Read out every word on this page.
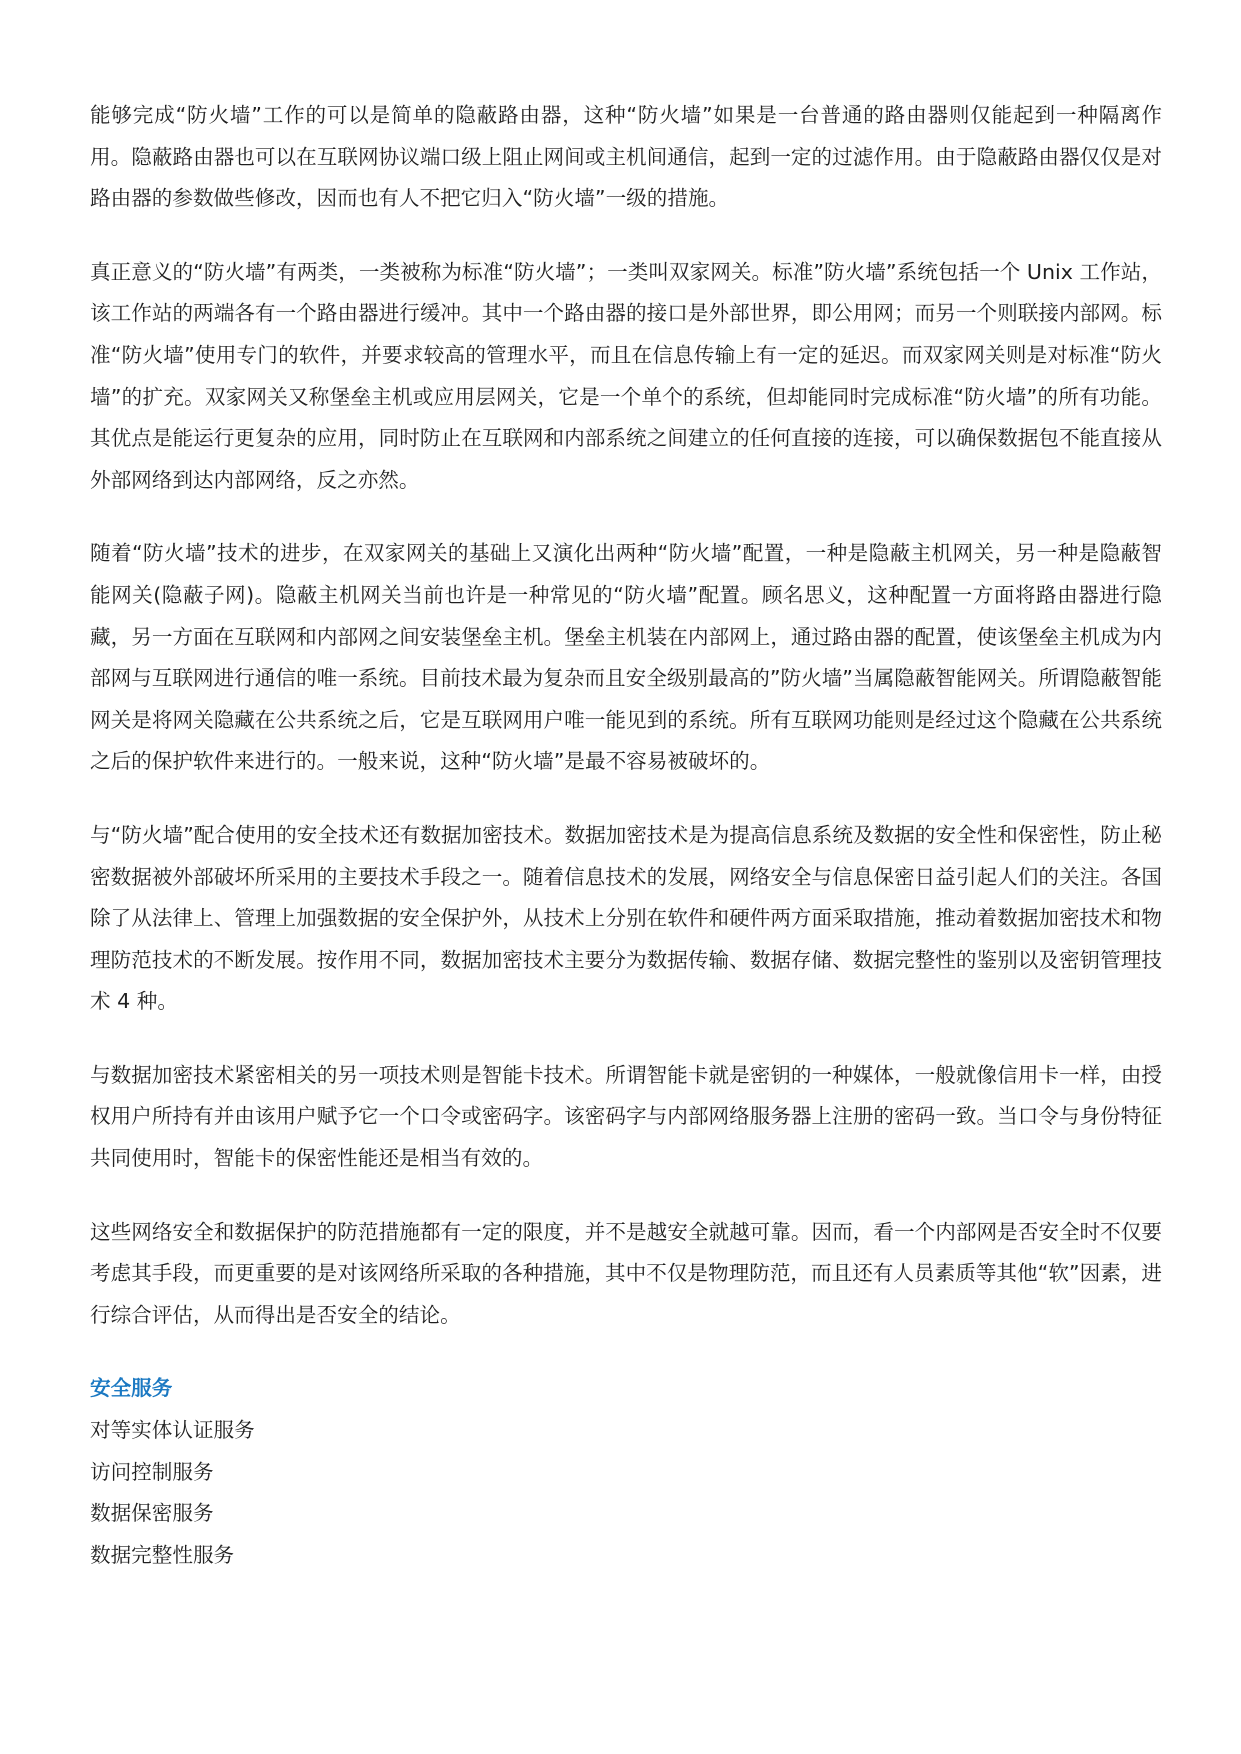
能够完成“防火墙”工作的可以是简单的隐蔽路由器，这种“防火墙”如果是一台普通的路由器则仅能起到一种隔离作用。隐蔽路由器也可以在互联网协议端口级上阻止网间或主机间通信，起到一定的过滤作用。由于隐蔽路由器仅仅是对路由器的参数做些修改，因而也有人不把它归入“防火墙”一级的措施。

真正意义的“防火墙”有两类，一类被称为标准“防火墙”；一类叫双家网关。标准”防火墙”系统包括一个 Unix 工作站，该工作站的两端各有一个路由器进行缓冲。其中一个路由器的接口是外部世界，即公用网；而另一个则联接内部网。标准“防火墙”使用专门的软件，并要求较高的管理水平，而且在信息传输上有一定的延迟。而双家网关则是对标准“防火墙”的扩充。双家网关又称堡垒主机或应用层网关，它是一个单个的系统，但却能同时完成标准“防火墙”的所有功能。其优点是能运行更复杂的应用，同时防止在互联网和内部系统之间建立的任何直接的连接，可以确保数据包不能直接从外部网络到达内部网络，反之亦然。

随着“防火墙”技术的进步，在双家网关的基础上又演化出两种“防火墙”配置，一种是隐蔽主机网关，另一种是隐蔽智能网关(隐蔽子网)。隐蔽主机网关当前也许是一种常见的“防火墙”配置。顾名思义，这种配置一方面将路由器进行隐藏，另一方面在互联网和内部网之间安装堡垒主机。堡垒主机装在内部网上，通过路由器的配置，使该堡垒主机成为内部网与互联网进行通信的唯一系统。目前技术最为复杂而且安全级别最高的”防火墙”当属隐蔽智能网关。所谓隐蔽智能网关是将网关隐藏在公共系统之后，它是互联网用户唯一能见到的系统。所有互联网功能则是经过这个隐藏在公共系统之后的保护软件来进行的。一般来说，这种“防火墙”是最不容易被破坏的。

与“防火墙”配合使用的安全技术还有数据加密技术。数据加密技术是为提高信息系统及数据的安全性和保密性，防止秘密数据被外部破坏所采用的主要技术手段之一。随着信息技术的发展，网络安全与信息保密日益引起人们的关注。各国除了从法律上、管理上加强数据的安全保护外，从技术上分别在软件和硬件两方面采取措施，推动着数据加密技术和物理防范技术的不断发展。按作用不同，数据加密技术主要分为数据传输、数据存储、数据完整性的鉴别以及密钥管理技术 4 种。

与数据加密技术紧密相关的另一项技术则是智能卡技术。所谓智能卡就是密钥的一种媒体，一般就像信用卡一样，由授权用户所持有并由该用户赋予它一个口令或密码字。该密码字与内部网络服务器上注册的密码一致。当口令与身份特征共同使用时，智能卡的保密性能还是相当有效的。

这些网络安全和数据保护的防范措施都有一定的限度，并不是越安全就越可靠。因而，看一个内部网是否安全时不仅要考虑其手段，而更重要的是对该网络所采取的各种措施，其中不仅是物理防范，而且还有人员素质等其他“软”因素，进行综合评估，从而得出是否安全的结论。

安全服务
对等实体认证服务
访问控制服务
数据保密服务
数据完整性服务
